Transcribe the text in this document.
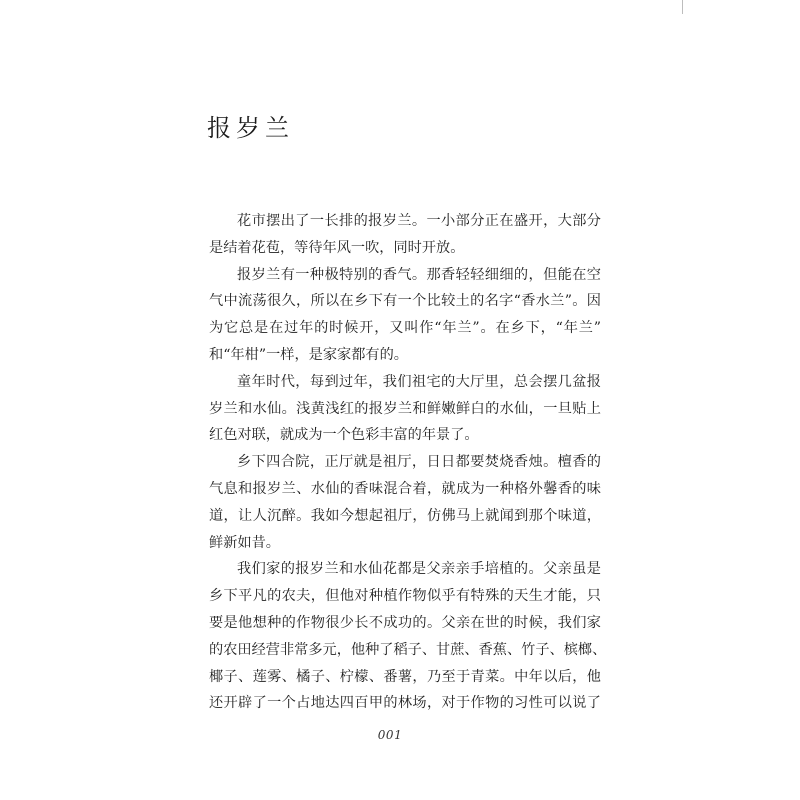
报岁兰
花市摆出了一长排的报岁兰。一小部分正在盛开，大部分
是结着花苞，等待年风一吹，同时开放。
报岁兰有一种极特别的香气。那香轻轻细细的，但能在空
气中流荡很久，所以在乡下有一个比较土的名字“香水兰”。因
为它总是在过年的时候开，又叫作“年兰”。在乡下，“年兰”
和“年柑”一样，是家家都有的。
童年时代，每到过年，我们祖宅的大厅里，总会摆几盆报
岁兰和水仙。浅黄浅红的报岁兰和鲜嫩鲜白的水仙，一旦贴上
红色对联，就成为一个色彩丰富的年景了。
乡下四合院，正厅就是祖厅，日日都要焚烧香烛。檀香的
气息和报岁兰、水仙的香味混合着，就成为一种格外馨香的味
道，让人沉醉。我如今想起祖厅，仿佛马上就闻到那个味道，
鲜新如昔。
我们家的报岁兰和水仙花都是父亲亲手培植的。父亲虽是
乡下平凡的农夫，但他对种植作物似乎有特殊的天生才能，只
要是他想种的作物很少长不成功的。父亲在世的时候，我们家
的农田经营非常多元，他种了稻子、甘蔗、香蕉、竹子、槟榔、
椰子、莲雾、橘子、柠檬、番薯，乃至于青菜。中年以后，他
还开辟了一个占地达四百甲的林场，对于作物的习性可以说了
001
